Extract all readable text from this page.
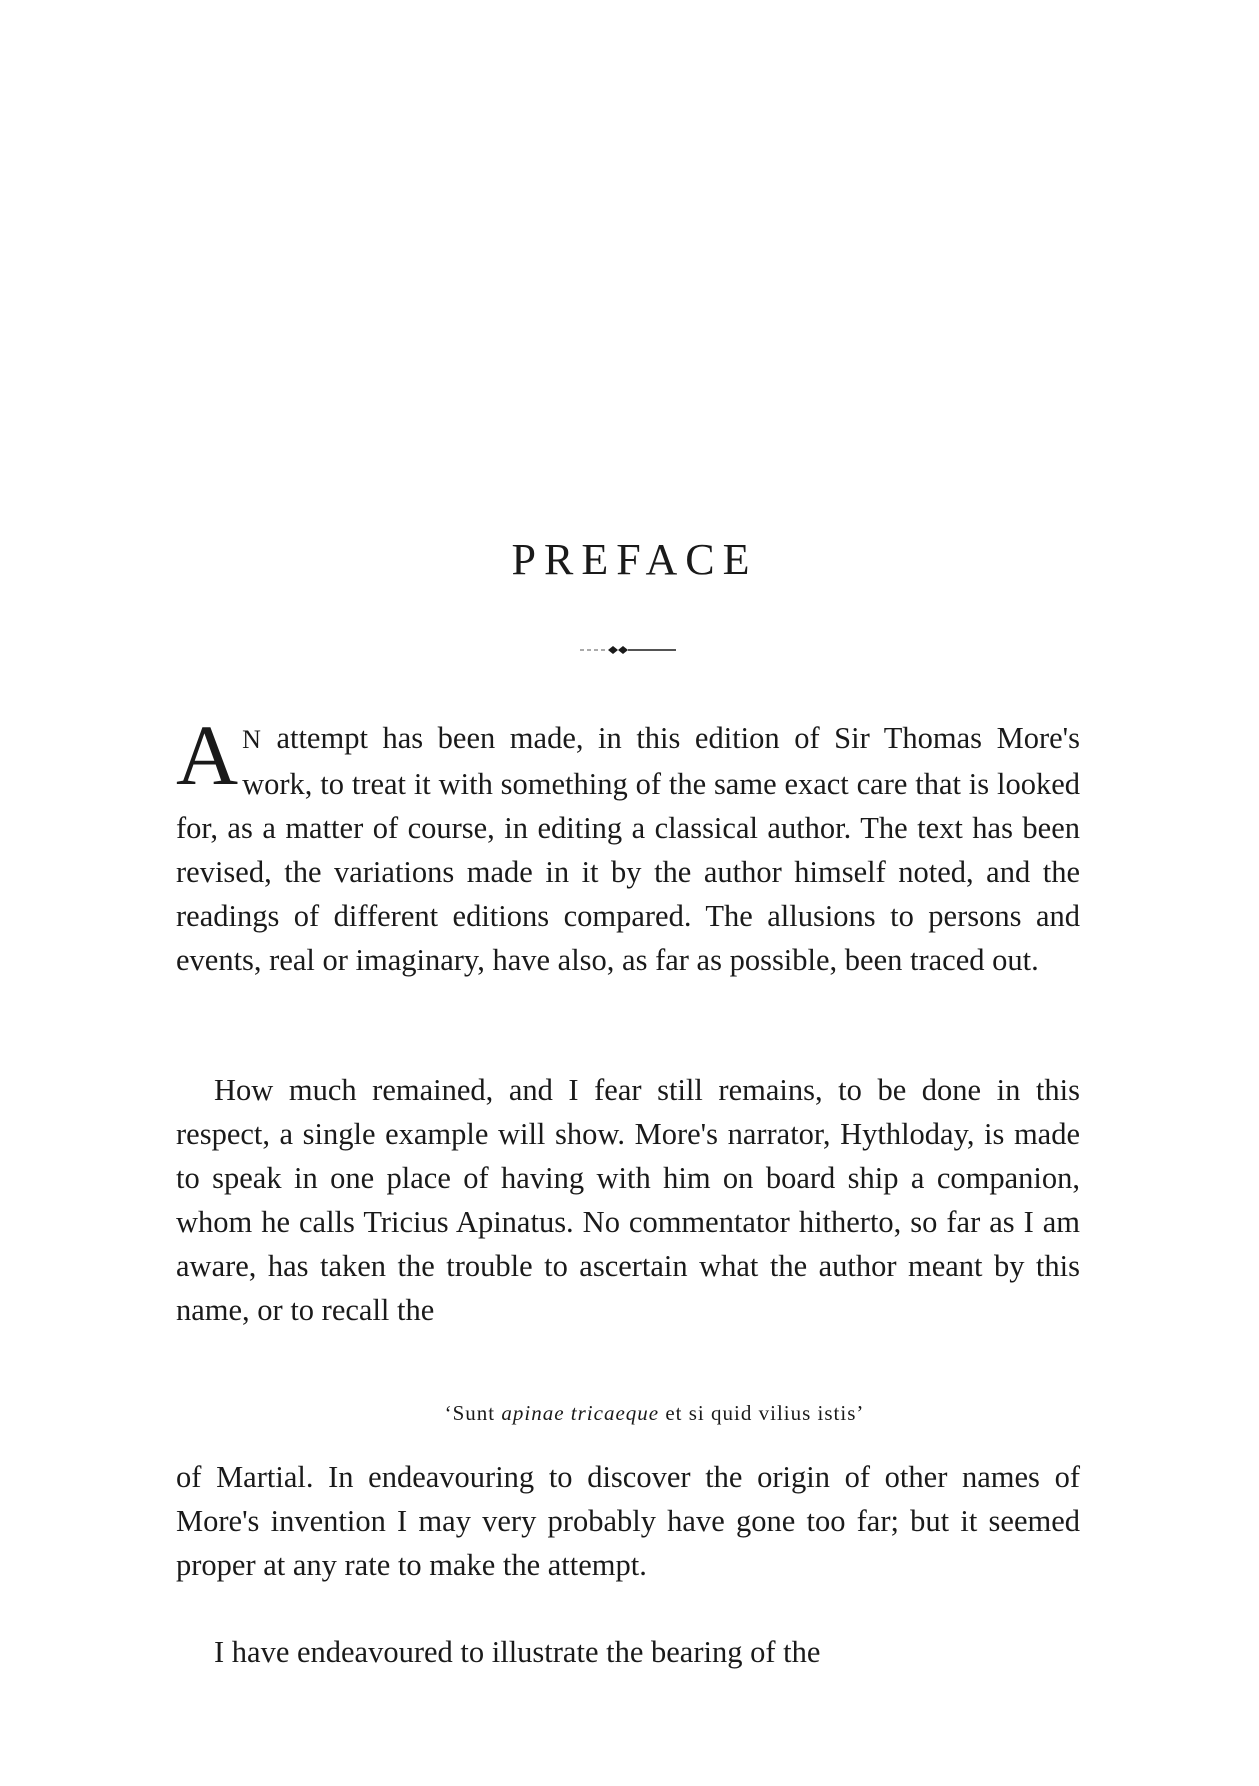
PREFACE

A N attempt has been made, in this edition of Sir Thomas More's work, to treat it with something of the same exact care that is looked for, as a matter of course, in editing a classical author. The text has been revised, the variations made in it by the author himself noted, and the readings of different editions compared. The allusions to persons and events, real or imaginary, have also, as far as possible, been traced out.

How much remained, and I fear still remains, to be done in this respect, a single example will show. More's narrator, Hythloday, is made to speak in one place of having with him on board ship a companion, whom he calls Tricius Apinatus. No commentator hitherto, so far as I am aware, has taken the trouble to ascertain what the author meant by this name, or to recall the

‘Sunt apinae tricaeque et si quid vilius istis’

of Martial. In endeavouring to discover the origin of other names of More's invention I may very probably have gone too far; but it seemed proper at any rate to make the attempt.

I have endeavoured to illustrate the bearing of the
